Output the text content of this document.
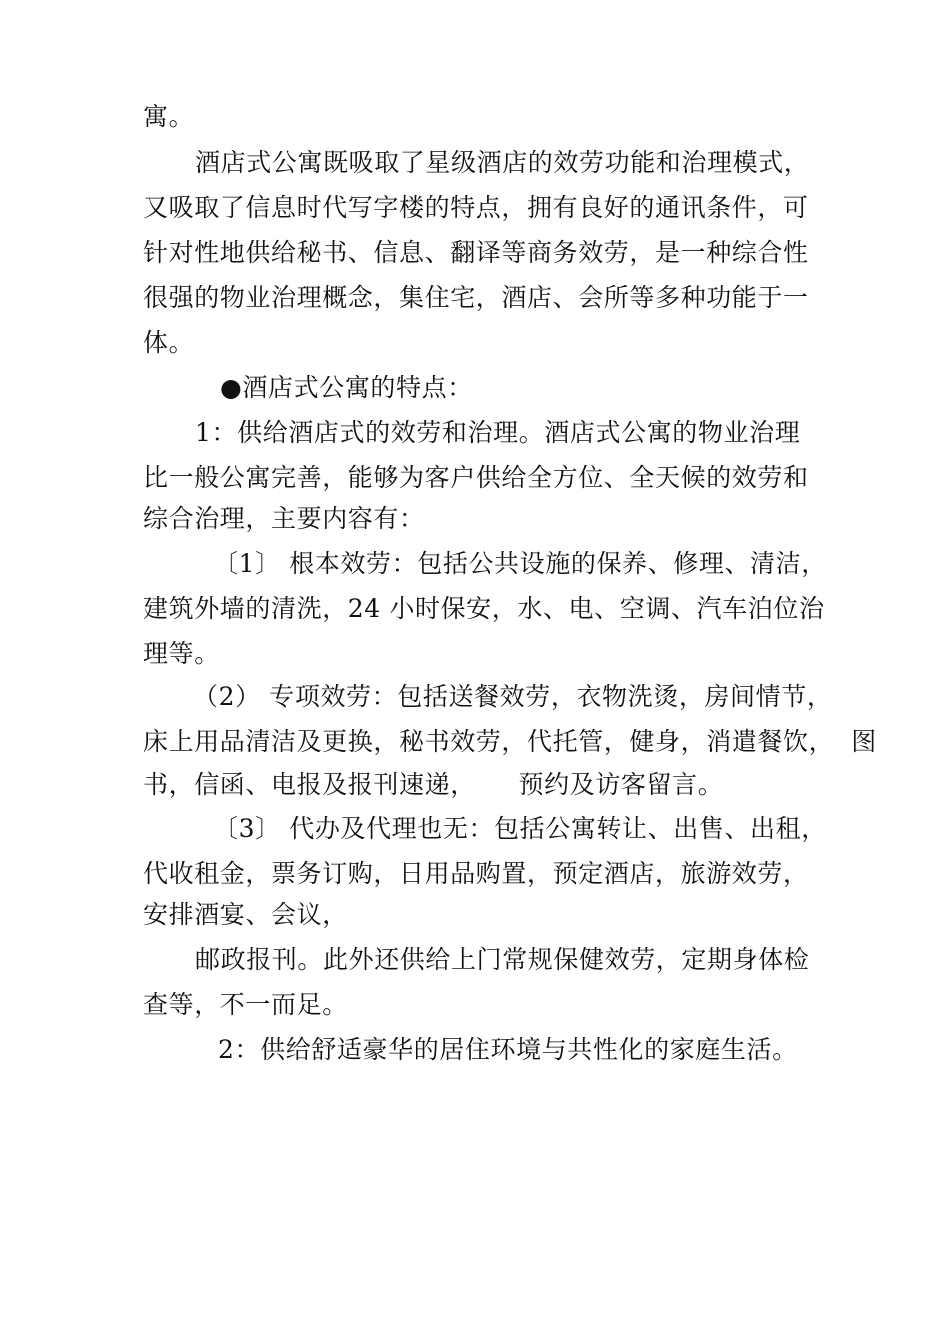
寓。
酒店式公寓既吸取了星级酒店的效劳功能和治理模式，
又吸取了信息时代写字楼的特点，拥有良好的通讯条件，可
针对性地供给秘书、信息、翻译等商务效劳，是一种综合性
很强的物业治理概念，集住宅，酒店、会所等多种功能于一
体。
●酒店式公寓的特点：
1：供给酒店式的效劳和治理。酒店式公寓的物业治理
比一般公寓完善，能够为客户供给全方位、全天候的效劳和
综合治理，主要内容有：
〔1〕 根本效劳：包括公共设施的保养、修理、清洁，
建筑外墙的清洗，24 小时保安，水、电、空调、汽车泊位治
理等。
（2） 专项效劳：包括送餐效劳，衣物洗烫，房间情节，
床上用品清洁及更换，秘书效劳，代托管，健身，消遣餐饮，  图
书，信函、电报及报刊速递，     预约及访客留言。
〔3〕 代办及代理也无：包括公寓转让、出售、出租，
代收租金，票务订购，日用品购置，预定酒店，旅游效劳，
安排酒宴、会议，
邮政报刊。此外还供给上门常规保健效劳，定期身体检
查等，不一而足。
2：供给舒适豪华的居住环境与共性化的家庭生活。
